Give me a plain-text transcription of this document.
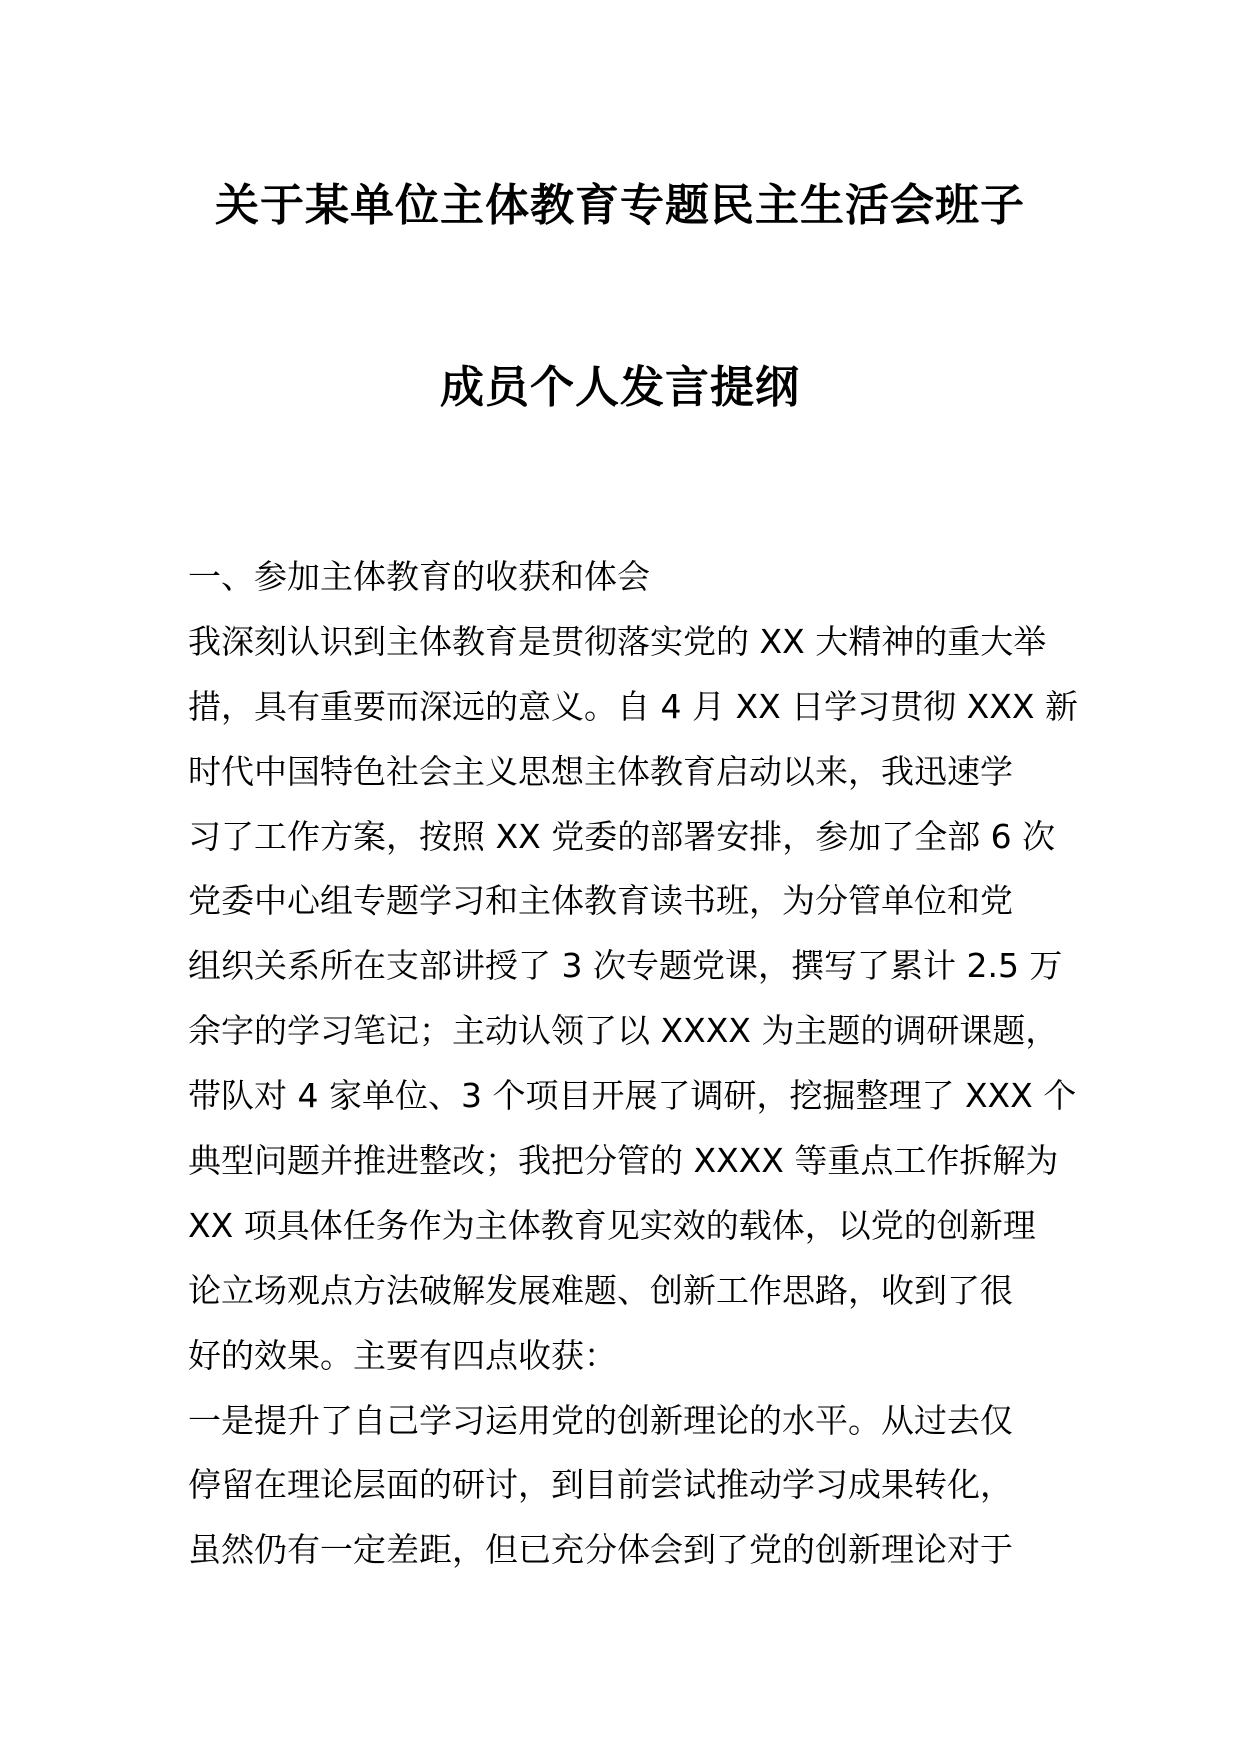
关于某单位主体教育专题民主生活会班子
成员个人发言提纲
一、参加主体教育的收获和体会
我深刻认识到主体教育是贯彻落实党的 XX 大精神的重大举
措，具有重要而深远的意义。自 4 月 XX 日学习贯彻 XXX 新
时代中国特色社会主义思想主体教育启动以来，我迅速学
习了工作方案，按照 XX 党委的部署安排，参加了全部 6 次
党委中心组专题学习和主体教育读书班，为分管单位和党
组织关系所在支部讲授了 3 次专题党课，撰写了累计 2.5 万
余字的学习笔记；主动认领了以 XXXX 为主题的调研课题，
带队对 4 家单位、3 个项目开展了调研，挖掘整理了 XXX 个
典型问题并推进整改；我把分管的 XXXX 等重点工作拆解为
XX 项具体任务作为主体教育见实效的载体，以党的创新理
论立场观点方法破解发展难题、创新工作思路，收到了很
好的效果。主要有四点收获：
一是提升了自己学习运用党的创新理论的水平。从过去仅
停留在理论层面的研讨，到目前尝试推动学习成果转化，
虽然仍有一定差距，但已充分体会到了党的创新理论对于
